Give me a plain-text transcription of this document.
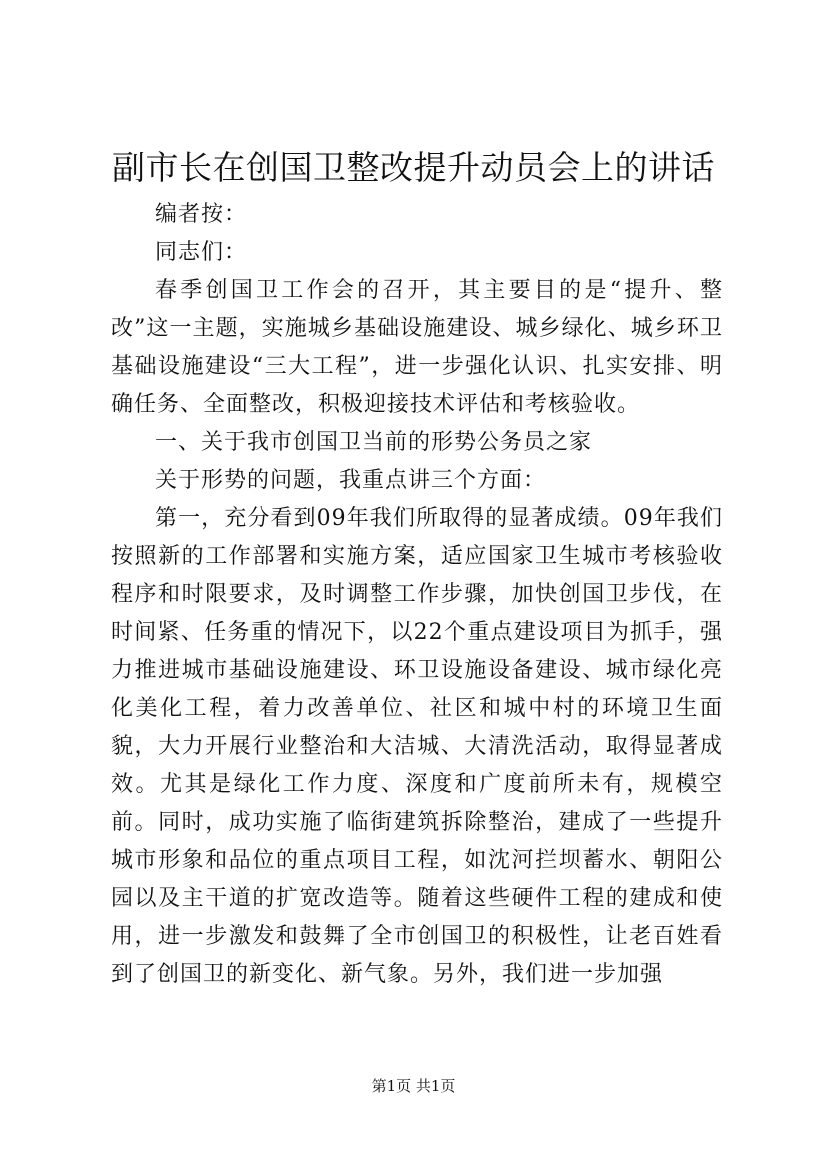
副市长在创国卫整改提升动员会上的讲话

编者按：

同志们：

春季创国卫工作会的召开，其主要目的是“提升、整改”这一主题，实施城乡基础设施建设、城乡绿化、城乡环卫基础设施建设“三大工程”，进一步强化认识、扎实安排、明确任务、全面整改，积极迎接技术评估和考核验收。

一、关于我市创国卫当前的形势公务员之家

关于形势的问题，我重点讲三个方面：

第一，充分看到09年我们所取得的显著成绩。09年我们按照新的工作部署和实施方案，适应国家卫生城市考核验收程序和时限要求，及时调整工作步骤，加快创国卫步伐，在时间紧、任务重的情况下，以22个重点建设项目为抓手，强力推进城市基础设施建设、环卫设施设备建设、城市绿化亮化美化工程，着力改善单位、社区和城中村的环境卫生面貌，大力开展行业整治和大洁城、大清洗活动，取得显著成效。尤其是绿化工作力度、深度和广度前所未有，规模空前。同时，成功实施了临街建筑拆除整治，建成了一些提升城市形象和品位的重点项目工程，如沈河拦坝蓄水、朝阳公园以及主干道的扩宽改造等。随着这些硬件工程的建成和使用，进一步激发和鼓舞了全市创国卫的积极性，让老百姓看到了创国卫的新变化、新气象。另外，我们进一步加强

第1页 共1页
